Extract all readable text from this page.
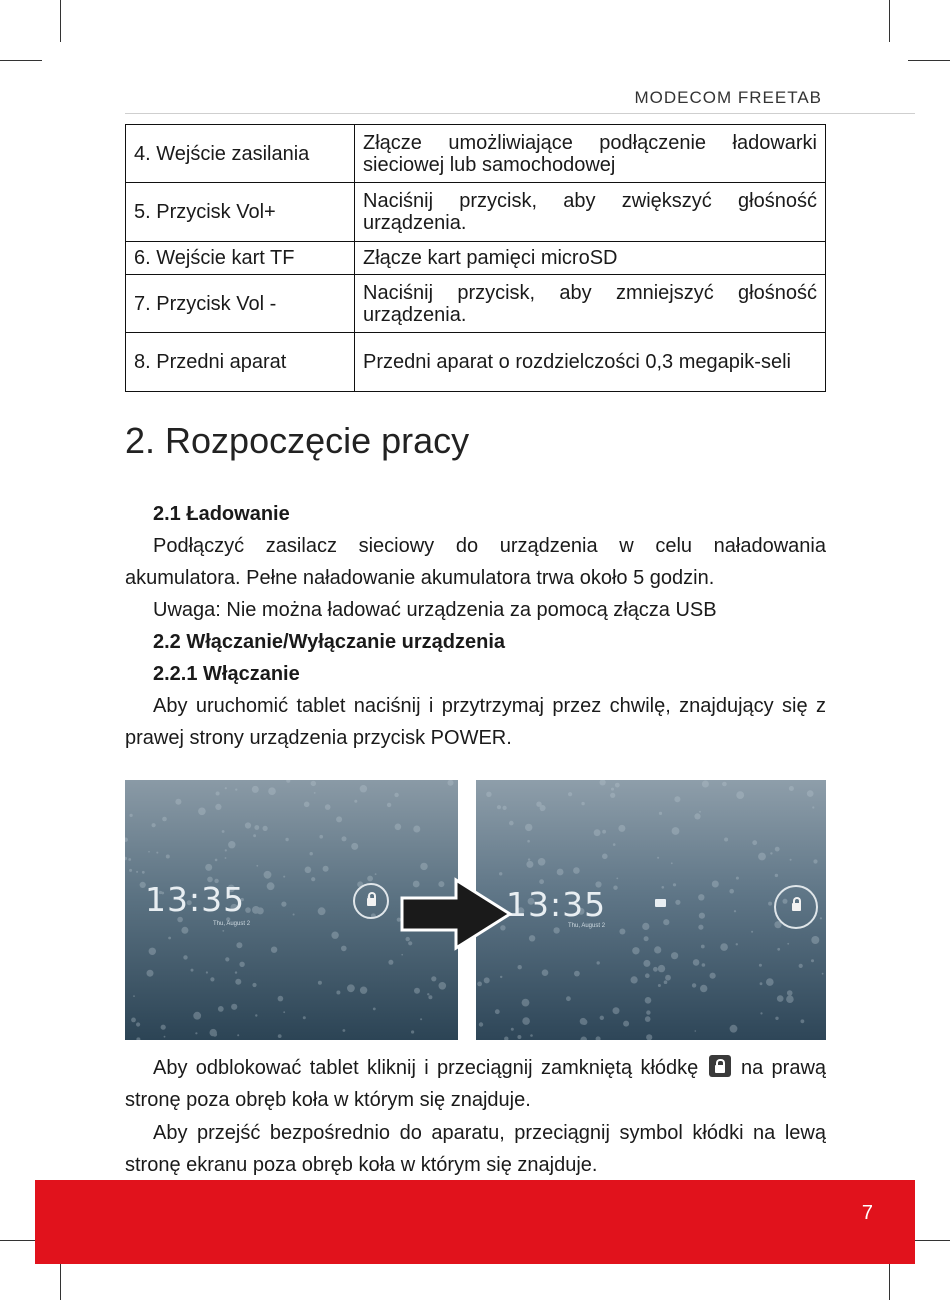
MODECOM FREETAB
4. Wejście zasilania	Złącze umożliwiające podłączenie ładowarki sieciowej lub samochodowej
5. Przycisk Vol+	Naciśnij przycisk, aby zwiększyć głośność urządzenia.
6. Wejście kart TF	Złącze kart pamięci microSD
7. Przycisk Vol -	Naciśnij przycisk, aby zmniejszyć głośność urządzenia.
8. Przedni aparat	Przedni aparat o rozdzielczości 0,3 megapik-seli
2. Rozpoczęcie pracy
2.1 Ładowanie
Podłączyć zasilacz sieciowy do urządzenia w celu naładowania akumulatora. Pełne naładowanie akumulatora trwa około 5 godzin.
Uwaga: Nie można ładować urządzenia za pomocą złącza USB
2.2 Włączanie/Wyłączanie urządzenia
2.2.1 Włączanie
Aby uruchomić tablet naciśnij i przytrzymaj przez chwilę, znajdujący się z prawej strony urządzenia przycisk POWER.
13:35
Thu, August 2	13:35
Thu, August 2
Aby odblokować tablet kliknij i przeciągnij zamkniętą kłódkę na prawą stronę poza obręb koła w którym się znajduje.
Aby przejść bezpośrednio do aparatu, przeciągnij symbol kłódki na lewą stronę ekranu poza obręb koła w którym się znajduje.
7
